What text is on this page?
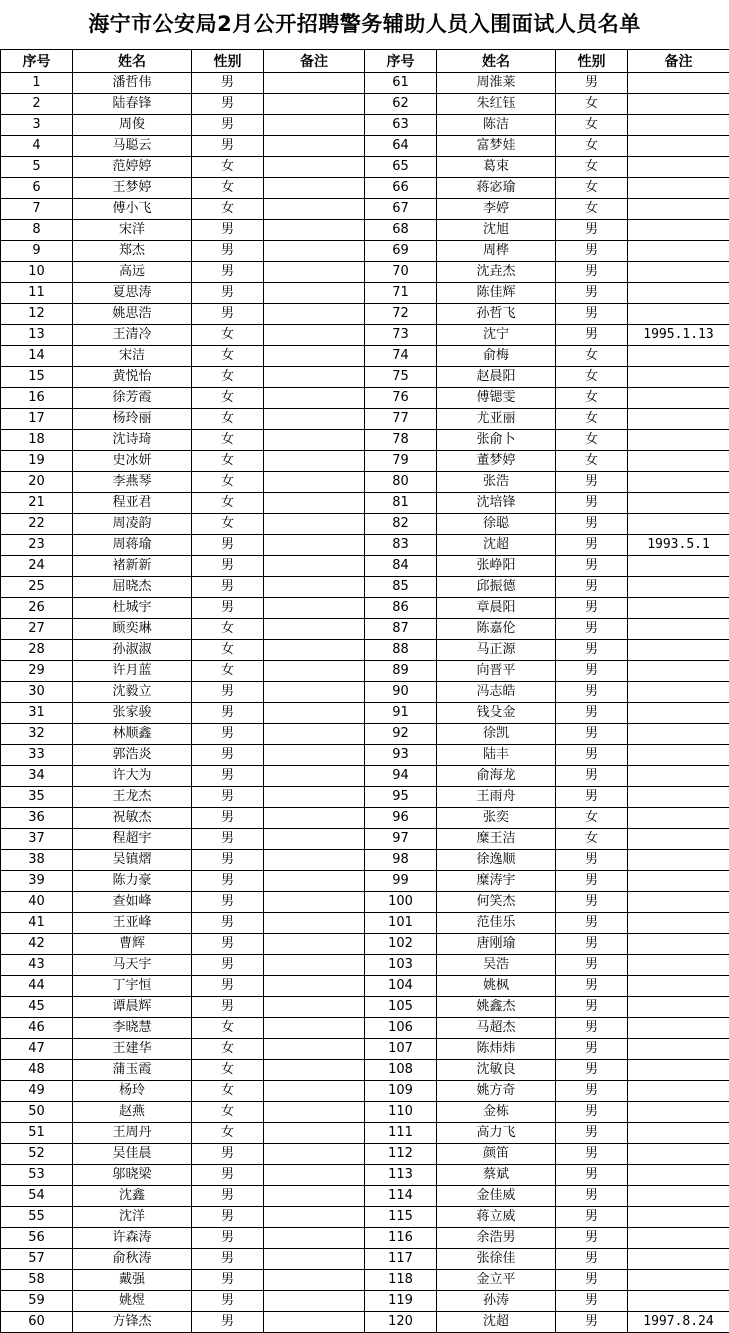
海宁市公安局2月公开招聘警务辅助人员入围面试人员名单
序号	姓名	性别	备注	序号	姓名	性别	备注
1	潘哲伟	男		61	周淮莱	男	
2	陆春锋	男		62	朱红钰	女	
3	周俊	男		63	陈洁	女	
4	马聪云	男		64	富梦娃	女	
5	范婷婷	女		65	葛束	女	
6	王梦婷	女		66	蒋宓瑜	女	
7	傅小飞	女		67	李婷	女	
8	宋洋	男		68	沈旭	男	
9	郑杰	男		69	周桦	男	
10	高远	男		70	沈垚杰	男	
11	夏思涛	男		71	陈佳辉	男	
12	姚思浩	男		72	孙哲飞	男	
13	王清冷	女		73	沈宁	男	1995.1.13
14	宋洁	女		74	俞梅	女	
15	黄悦怡	女		75	赵晨阳	女	
16	徐芳霞	女		76	傅锶雯	女	
17	杨玲丽	女		77	尤亚丽	女	
18	沈诗琦	女		78	张俞卜	女	
19	史冰妍	女		79	董梦婷	女	
20	李燕琴	女		80	张浩	男	
21	程亚君	女		81	沈培锋	男	
22	周凌韵	女		82	徐聪	男	
23	周蒋瑜	男		83	沈超	男	1993.5.1
24	褚新新	男		84	张峥阳	男	
25	屈晓杰	男		85	邱振德	男	
26	杜城宇	男		86	章晨阳	男	
27	顾奕琳	女		87	陈嘉伦	男	
28	孙淑淑	女		88	马正源	男	
29	许月蓝	女		89	向晋平	男	
30	沈毅立	男		90	冯志皓	男	
31	张家骏	男		91	钱殳金	男	
32	林顺鑫	男		92	徐凯	男	
33	郭浩炎	男		93	陆丰	男	
34	许大为	男		94	俞海龙	男	
35	王龙杰	男		95	王雨舟	男	
36	祝敏杰	男		96	张奕	女	
37	程超宇	男		97	糜王洁	女	
38	吴镇熠	男		98	徐逸顺	男	
39	陈力豪	男		99	糜涛宇	男	
40	查如峰	男		100	何笑杰	男	
41	王亚峰	男		101	范佳乐	男	
42	曹辉	男		102	唐刚瑜	男	
43	马天宇	男		103	吴浩	男	
44	丁宇恒	男		104	姚枫	男	
45	谭晨辉	男		105	姚鑫杰	男	
46	李晓慧	女		106	马超杰	男	
47	王建华	女		107	陈炜炜	男	
48	蒲玉霞	女		108	沈敏良	男	
49	杨玲	女		109	姚方奇	男	
50	赵燕	女		110	金栋	男	
51	王周丹	女		111	高力飞	男	
52	吴佳晨	男		112	颜笛	男	
53	邬晓梁	男		113	蔡斌	男	
54	沈鑫	男		114	金佳威	男	
55	沈洋	男		115	蒋立威	男	
56	许森涛	男		116	余浩男	男	
57	俞秋涛	男		117	张徐佳	男	
58	戴强	男		118	金立平	男	
59	姚煜	男		119	孙涛	男	
60	方锋杰	男		120	沈超	男	1997.8.24
